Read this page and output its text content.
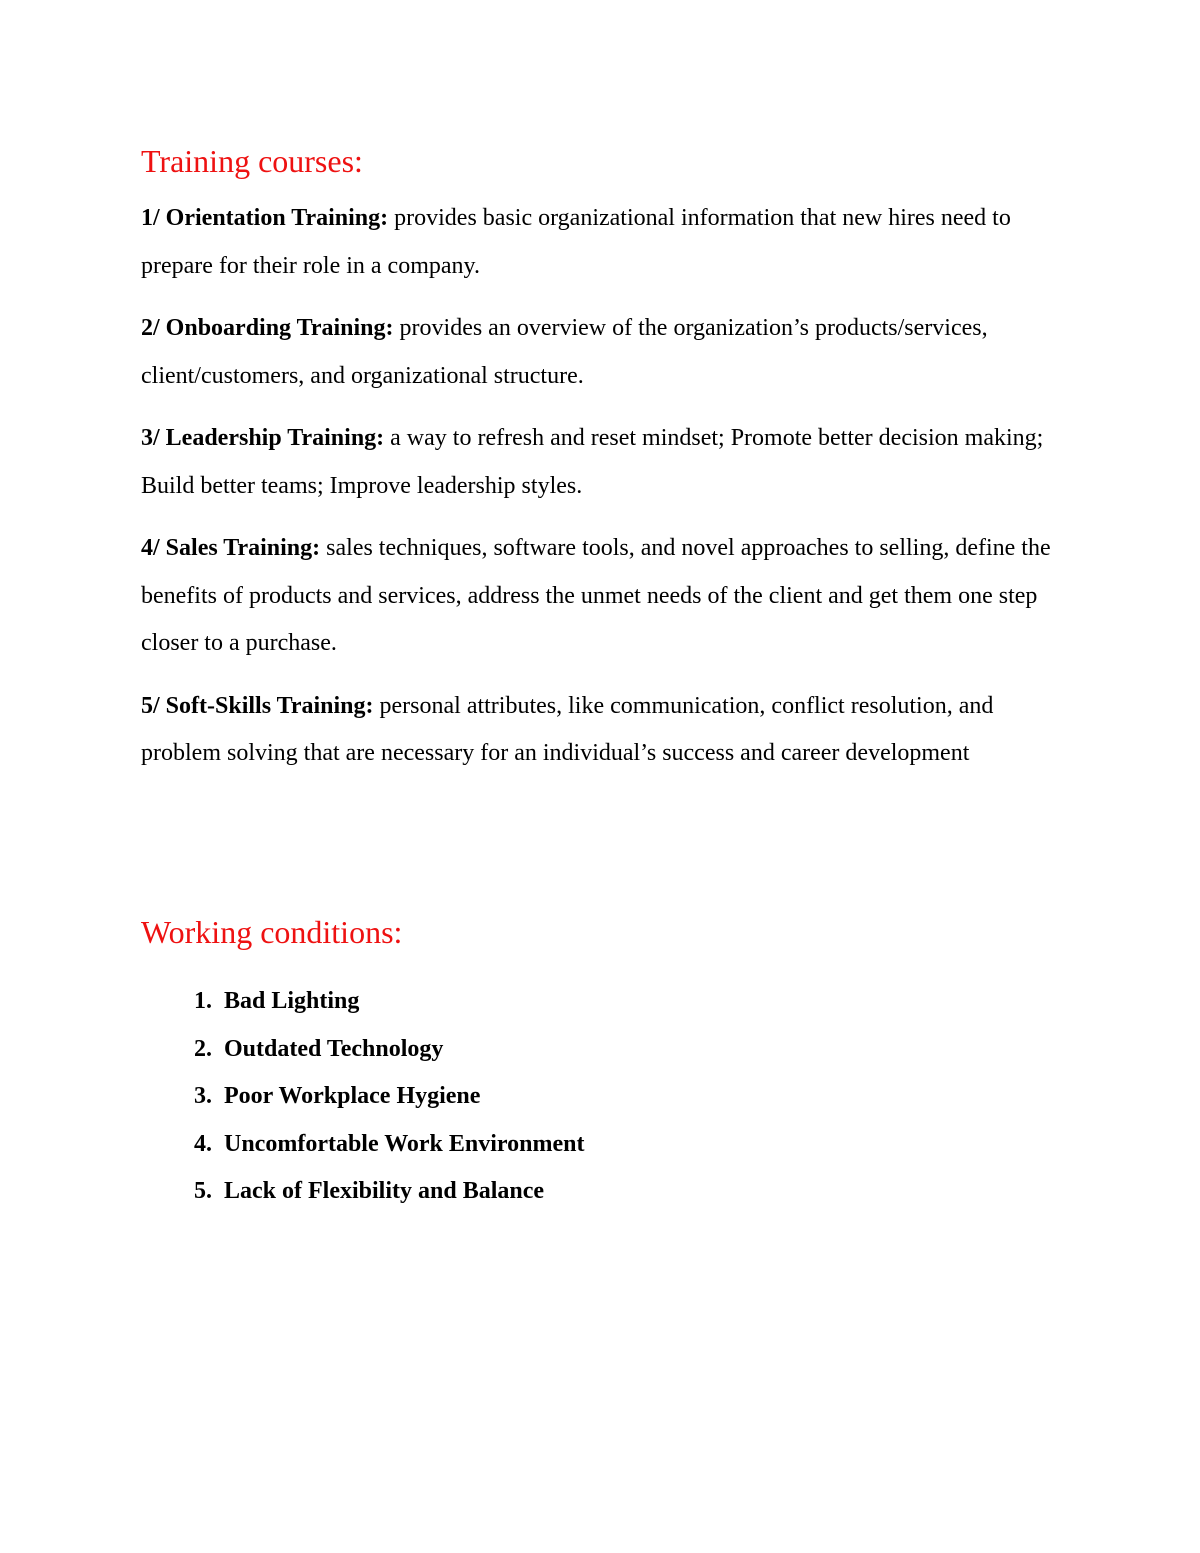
Training courses:
1/ Orientation Training: provides basic organizational information that new hires need to prepare for their role in a company.
2/ Onboarding Training: provides an overview of the organization’s products/services, client/customers, and organizational structure.
3/ Leadership Training: a way to refresh and reset mindset; Promote better decision making; Build better teams; Improve leadership styles.
4/ Sales Training: sales techniques, software tools, and novel approaches to selling, define the benefits of products and services, address the unmet needs of the client and get them one step closer to a purchase.
5/ Soft-Skills Training: personal attributes, like communication, conflict resolution, and problem solving that are necessary for an individual’s success and career development
Working conditions:
1. Bad Lighting
2. Outdated Technology
3. Poor Workplace Hygiene
4. Uncomfortable Work Environment
5. Lack of Flexibility and Balance
